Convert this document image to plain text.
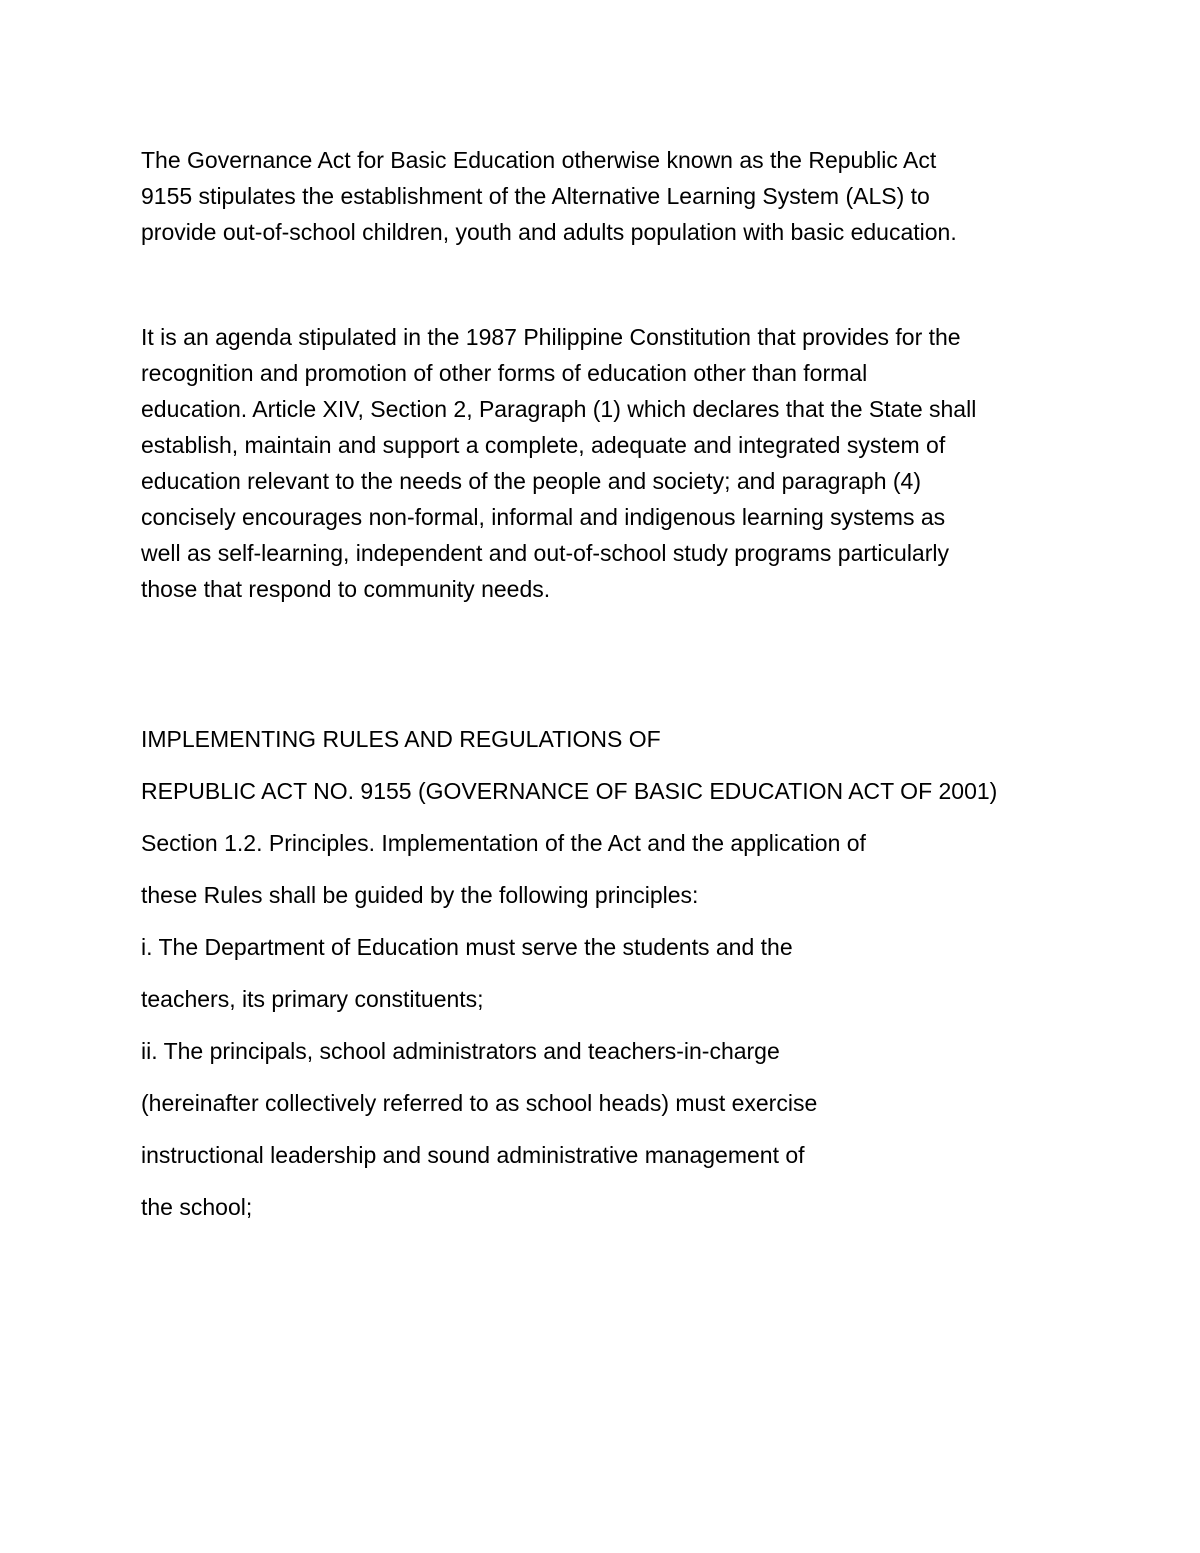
The Governance Act for Basic Education otherwise known as the Republic Act
9155 stipulates the establishment of the Alternative Learning System (ALS) to
provide out-of-school children, youth and adults population with basic education.
It is an agenda stipulated in the 1987 Philippine Constitution that provides for the
recognition and promotion of other forms of education other than formal
education. Article XIV, Section 2, Paragraph (1) which declares that the State shall
establish, maintain and support a complete, adequate and integrated system of
education relevant to the needs of the people and society; and paragraph (4)
concisely encourages non-formal, informal and indigenous learning systems as
well as self-learning, independent and out-of-school study programs particularly
those that respond to community needs.
IMPLEMENTING RULES AND REGULATIONS OF
REPUBLIC ACT NO. 9155 (GOVERNANCE OF BASIC EDUCATION ACT OF 2001)
Section 1.2. Principles. Implementation of the Act and the application of
these Rules shall be guided by the following principles:
i. The Department of Education must serve the students and the
teachers, its primary constituents;
ii. The principals, school administrators and teachers-in-charge
(hereinafter collectively referred to as school heads) must exercise
instructional leadership and sound administrative management of
the school;
